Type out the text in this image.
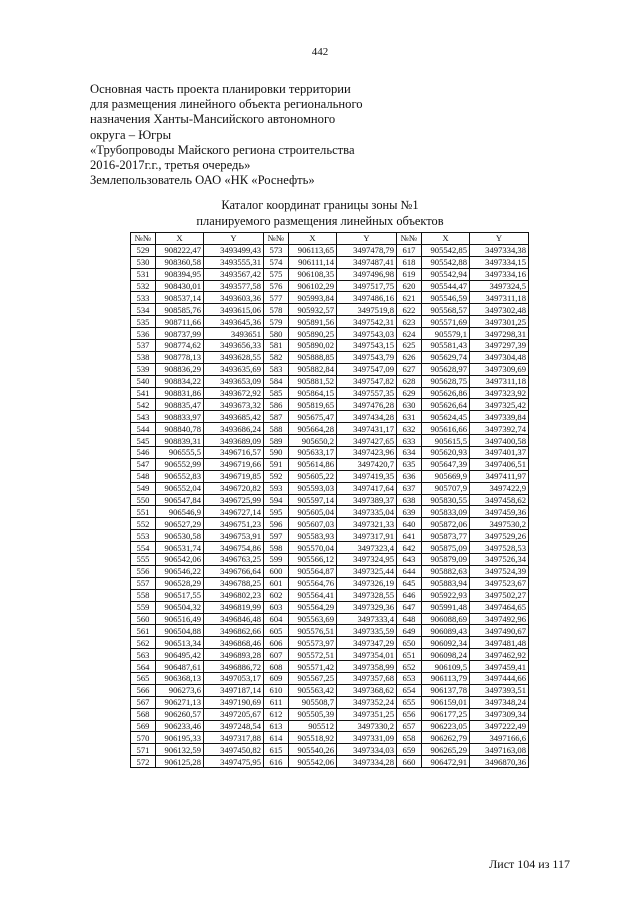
442
Основная часть проекта планировки территории
для размещения линейного объекта регионального
назначения Ханты-Мансийского автономного
округа – Югры
«Трубопроводы Майского региона строительства
2016-2017г.г., третья очередь»
Землепользователь ОАО «НК «Роснефть»
Каталог координат границы зоны №1
планируемого размещения линейных объектов
№№	X	Y	№№	X	Y	№№	X	Y
529	908222,47	3493499,43	573	906113,65	3497478,79	617	905542,85	3497334,38
530	908360,58	3493555,31	574	906111,14	3497487,41	618	905542,88	3497334,15
531	908394,95	3493567,42	575	906108,35	3497496,98	619	905542,94	3497334,16
532	908430,01	3493577,58	576	906102,29	3497517,75	620	905544,47	3497324,5
533	908537,14	3493603,36	577	905993,84	3497486,16	621	905546,59	3497311,18
534	908585,76	3493615,06	578	905932,57	3497519,8	622	905568,57	3497302,48
535	908711,66	3493645,36	579	905891,56	3497542,31	623	905571,69	3497301,25
536	908737,99	3493651	580	905890,25	3497543,03	624	905579,1	3497298,31
537	908774,62	3493656,33	581	905890,02	3497543,15	625	905581,43	3497297,39
538	908778,13	3493628,55	582	905888,85	3497543,79	626	905629,74	3497304,48
539	908836,29	3493635,69	583	905882,84	3497547,09	627	905628,97	3497309,69
540	908834,22	3493653,09	584	905881,52	3497547,82	628	905628,75	3497311,18
541	908831,86	3493672,92	585	905864,15	3497557,35	629	905626,86	3497323,92
542	908835,47	3493673,32	586	905819,65	3497476,28	630	905626,64	3497325,42
543	908833,97	3493685,42	587	905675,47	3497434,28	631	905624,45	3497339,84
544	908840,78	3493686,24	588	905664,28	3497431,17	632	905616,66	3497392,74
545	908839,31	3493689,09	589	905650,2	3497427,65	633	905615,5	3497400,58
546	906555,5	3496716,57	590	905633,17	3497423,96	634	905620,93	3497401,37
547	906552,99	3496719,66	591	905614,86	3497420,7	635	905647,39	3497406,51
548	906552,83	3496719,85	592	905605,22	3497419,35	636	905669,9	3497411,97
549	906552,04	3496720,82	593	905593,03	3497417,64	637	905707,9	3497422,9
550	906547,84	3496725,99	594	905597,14	3497389,37	638	905830,55	3497458,62
551	906546,9	3496727,14	595	905605,04	3497335,04	639	905833,09	3497459,36
552	906527,29	3496751,23	596	905607,03	3497321,33	640	905872,06	3497530,2
553	906530,58	3496753,91	597	905583,93	3497317,91	641	905873,77	3497529,26
554	906531,74	3496754,86	598	905570,04	3497323,4	642	905875,09	3497528,53
555	906542,06	3496763,25	599	905566,12	3497324,95	643	905879,09	3497526,34
556	906546,22	3496766,64	600	905564,87	3497325,44	644	905882,63	3497524,39
557	906528,29	3496788,25	601	905564,76	3497326,19	645	905883,94	3497523,67
558	906517,55	3496802,23	602	905564,41	3497328,55	646	905922,93	3497502,27
559	906504,32	3496819,99	603	905564,29	3497329,36	647	905991,48	3497464,65
560	906516,49	3496846,48	604	905563,69	3497333,4	648	906088,69	3497492,96
561	906504,88	3496862,66	605	905576,51	3497335,59	649	906089,43	3497490,67
562	906513,34	3496868,46	606	905573,97	3497347,29	650	906092,34	3497481,48
563	906495,42	3496893,28	607	905572,51	3497354,01	651	906098,24	3497462,92
564	906487,61	3496886,72	608	905571,42	3497358,99	652	906109,5	3497459,41
565	906368,13	3497053,17	609	905567,25	3497357,68	653	906113,79	3497444,66
566	906273,6	3497187,14	610	905563,42	3497368,62	654	906137,78	3497393,51
567	906271,13	3497190,69	611	905508,7	3497352,24	655	906159,01	3497348,24
568	906260,57	3497205,67	612	905505,39	3497351,25	656	906177,25	3497309,34
569	906233,46	3497248,54	613	905512	3497330,2	657	906223,05	3497222,49
570	906195,33	3497317,88	614	905518,92	3497331,09	658	906262,79	3497166,6
571	906132,59	3497450,82	615	905540,26	3497334,03	659	906265,29	3497163,08
572	906125,28	3497475,95	616	905542,06	3497334,28	660	906472,91	3496870,36
Лист 104 из 117
